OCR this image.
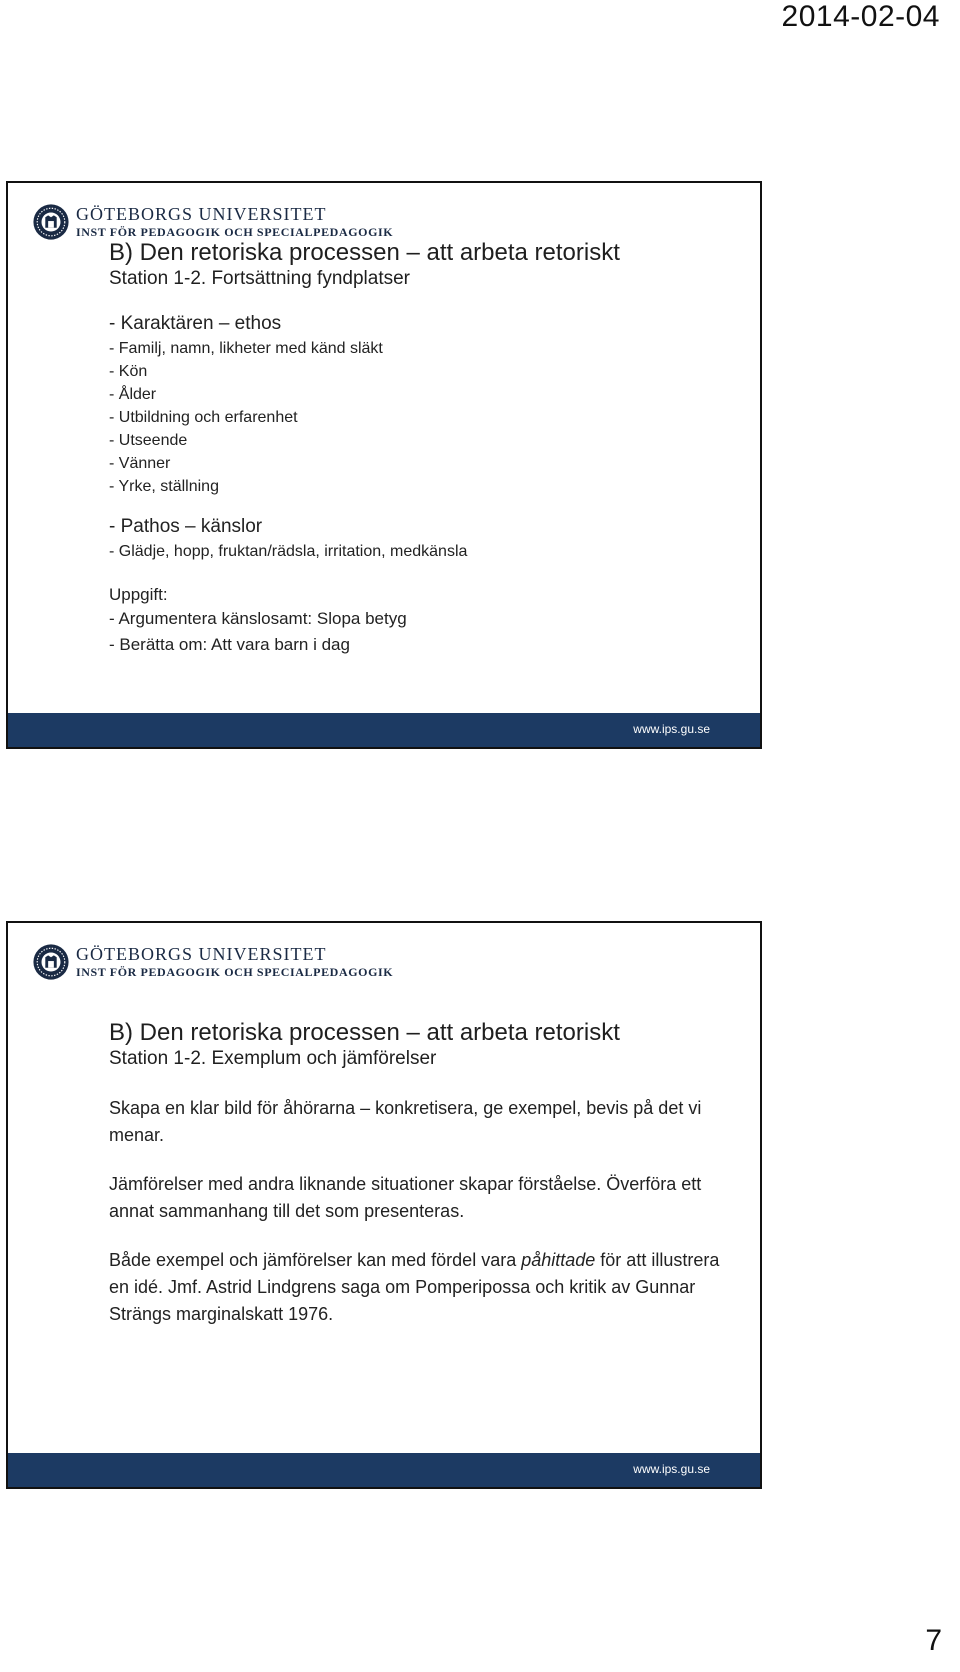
2014-02-04
GÖTEBORGS UNIVERSITET
INST FÖR PEDAGOGIK OCH SPECIALPEDAGOGIK
B) Den retoriska processen – att arbeta retoriskt
Station 1-2. Fortsättning fyndplatser
- Karaktären – ethos
- Familj, namn, likheter med känd släkt
- Kön
- Ålder
- Utbildning och erfarenhet
- Utseende
- Vänner
- Yrke, ställning
- Pathos – känslor
- Glädje, hopp, fruktan/rädsla, irritation, medkänsla
Uppgift:
- Argumentera känslosamt: Slopa betyg
- Berätta om: Att vara barn i dag
www.ips.gu.se
GÖTEBORGS UNIVERSITET
INST FÖR PEDAGOGIK OCH SPECIALPEDAGOGIK
B) Den retoriska processen – att arbeta retoriskt
Station 1-2. Exemplum och jämförelser
Skapa en klar bild för åhörarna – konkretisera, ge exempel, bevis på det vi menar.
Jämförelser med andra liknande situationer skapar förståelse. Överföra ett annat sammanhang till det som presenteras.
Både exempel och jämförelser kan med fördel vara påhittade för att illustrera en idé. Jmf. Astrid Lindgrens saga om Pomperipossa och kritik av Gunnar Strängs marginalskatt 1976.
www.ips.gu.se
7
